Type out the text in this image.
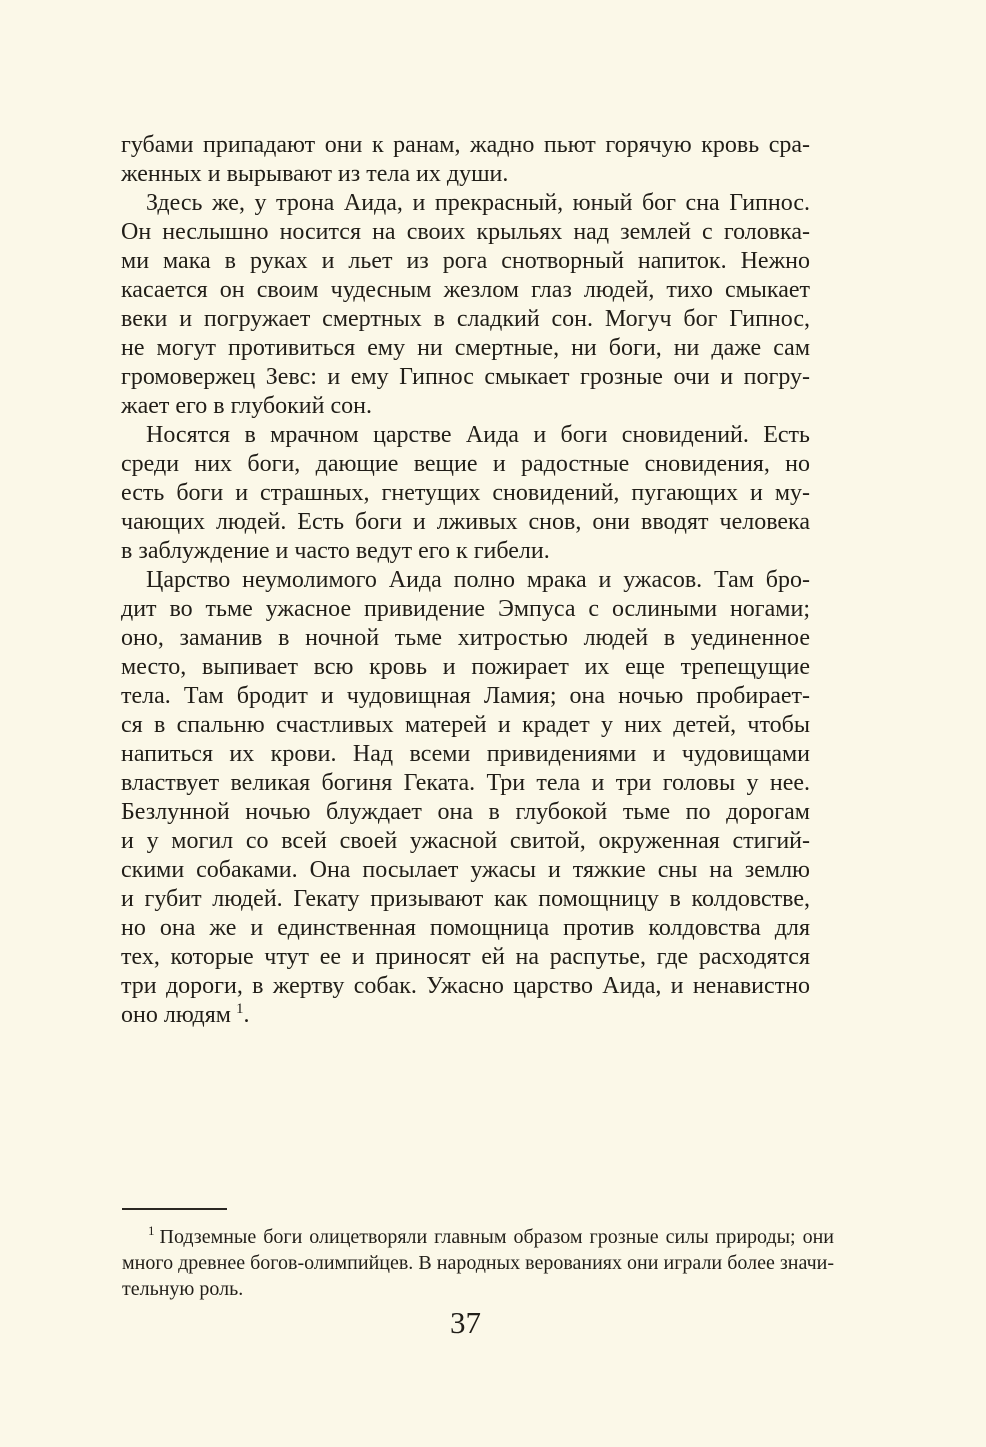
губами припадают они к ранам, жадно пьют горячую кровь сра-
женных и вырывают из тела их души.
Здесь же, у трона Аида, и прекрасный, юный бог сна Гипнос.
Он неслышно носится на своих крыльях над землей с головка-
ми мака в руках и льет из рога снотворный напиток. Нежно
касается он своим чудесным жезлом глаз людей, тихо смыкает
веки и погружает смертных в сладкий сон. Могуч бог Гипнос,
не могут противиться ему ни смертные, ни боги, ни даже сам
громовержец Зевс: и ему Гипнос смыкает грозные очи и погру-
жает его в глубокий сон.
Носятся в мрачном царстве Аида и боги сновидений. Есть
среди них боги, дающие вещие и радостные сновидения, но
есть боги и страшных, гнетущих сновидений, пугающих и му-
чающих людей. Есть боги и лживых снов, они вводят человека
в заблуждение и часто ведут его к гибели.
Царство неумолимого Аида полно мрака и ужасов. Там бро-
дит во тьме ужасное привидение Эмпуса с ослиными ногами;
оно, заманив в ночной тьме хитростью людей в уединенное
место, выпивает всю кровь и пожирает их еще трепещущие
тела. Там бродит и чудовищная Ламия; она ночью пробирает-
ся в спальню счастливых матерей и крадет у них детей, чтобы
напиться их крови. Над всеми привидениями и чудовищами
властвует великая богиня Геката. Три тела и три головы у нее.
Безлунной ночью блуждает она в глубокой тьме по дорогам
и у могил со всей своей ужасной свитой, окруженная стигий-
скими собаками. Она посылает ужасы и тяжкие сны на землю
и губит людей. Гекату призывают как помощницу в колдовстве,
но она же и единственная помощница против колдовства для
тех, которые чтут ее и приносят ей на распутье, где расходятся
три дороги, в жертву собак. Ужасно царство Аида, и ненавистно
оно людям $^1$.
$^1$ Подземные боги олицетворяли главным образом грозные силы природы; они
много древнее богов-олимпийцев. В народных верованиях они играли более значи-
тельную роль.
37
